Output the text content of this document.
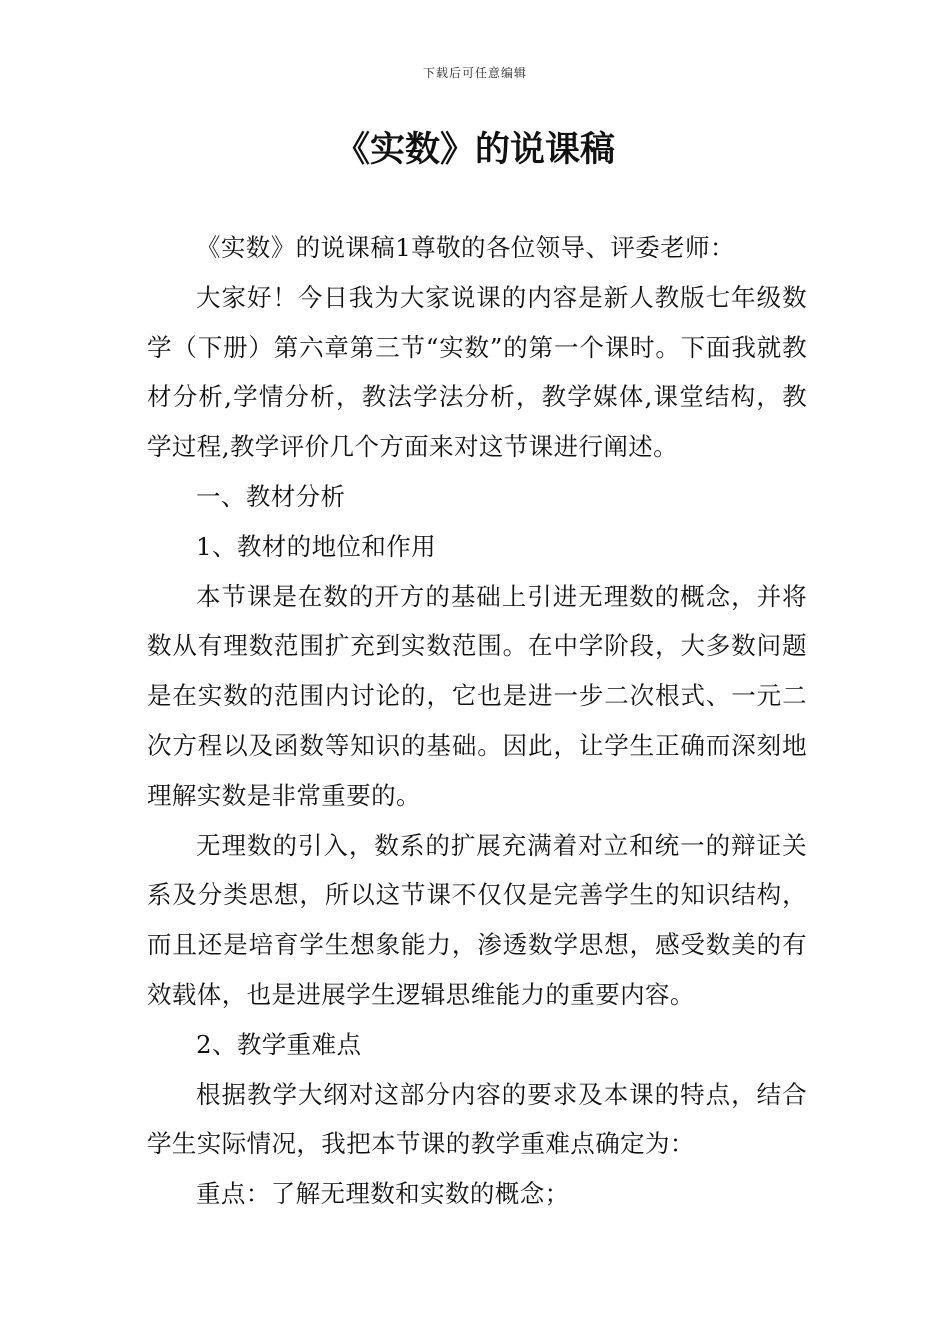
下载后可任意编辑
《实数》的说课稿

《实数》的说课稿1尊敬的各位领导、评委老师：

大家好！今日我为大家说课的内容是新人教版七年级数学（下册）第六章第三节“实数”的第一个课时。下面我就教材分析,学情分析，教法学法分析，教学媒体,课堂结构，教学过程,教学评价几个方面来对这节课进行阐述。

一、教材分析

1、教材的地位和作用

本节课是在数的开方的基础上引进无理数的概念，并将数从有理数范围扩充到实数范围。在中学阶段，大多数问题是在实数的范围内讨论的，它也是进一步二次根式、一元二次方程以及函数等知识的基础。因此，让学生正确而深刻地理解实数是非常重要的。

无理数的引入，数系的扩展充满着对立和统一的辩证关系及分类思想，所以这节课不仅仅是完善学生的知识结构，而且还是培育学生想象能力，渗透数学思想，感受数美的有效载体，也是进展学生逻辑思维能力的重要内容。

2、教学重难点

根据教学大纲对这部分内容的要求及本课的特点，结合学生实际情况，我把本节课的教学重难点确定为：

重点：了解无理数和实数的概念；
